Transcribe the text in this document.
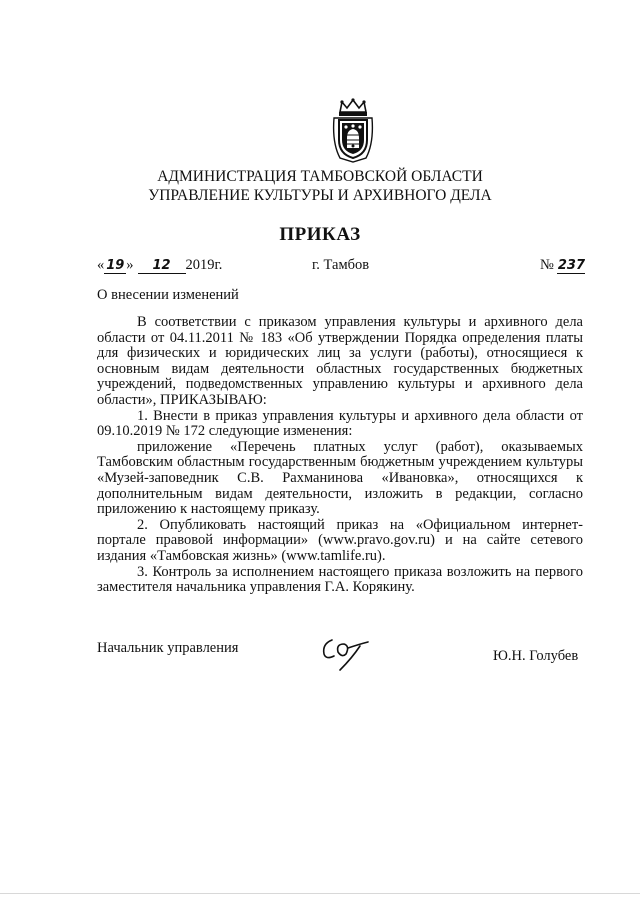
АДМИНИСТРАЦИЯ ТАМБОВСКОЙ ОБЛАСТИ
УПРАВЛЕНИЕ КУЛЬТУРЫ И АРХИВНОГО ДЕЛА
ПРИКАЗ
« 19 » 12 2019г.	г. Тамбов	№ 237
О внесении изменений

В соответствии с приказом управления культуры и архивного дела области от 04.11.2011 № 183 «Об утверждении Порядка определения платы для физических и юридических лиц за услуги (работы), относящиеся к основным видам деятельности областных государственных бюджетных учреждений, подведомственных управлению культуры и архивного дела области», ПРИКАЗЫВАЮ:

1. Внести в приказ управления культуры и архивного дела области от 09.10.2019 № 172 следующие изменения:

приложение «Перечень платных услуг (работ), оказываемых Тамбовским областным государственным бюджетным учреждением культуры «Музей-заповедник С.В. Рахманинова «Ивановка», относящихся к дополнительным видам деятельности, изложить в редакции, согласно приложению к настоящему приказу.

2. Опубликовать настоящий приказ на «Официальном интернет-портале правовой информации» (www.pravo.gov.ru) и на сайте сетевого издания «Тамбовская жизнь» (www.tamlife.ru).

3. Контроль за исполнением настоящего приказа возложить на первого заместителя начальника управления Г.А. Корякину.

Начальник управления	Ю.Н. Голубев
